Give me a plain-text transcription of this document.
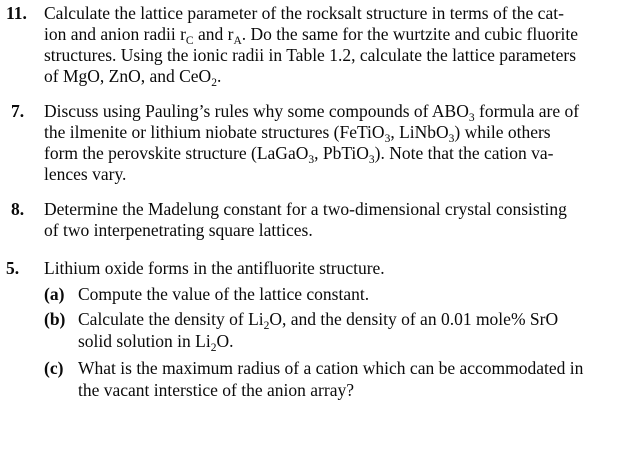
11. Calculate the lattice parameter of the rocksalt structure in terms of the cat-
ion and anion radii $r_C$ and $r_A$. Do the same for the wurtzite and cubic fluorite
structures. Using the ionic radii in Table 1.2, calculate the lattice parameters
of MgO, ZnO, and CeO$_2$.
7. Discuss using Pauling’s rules why some compounds of $ABO_3$ formula are of
the ilmenite or lithium niobate structures (FeTiO$_3$, LiNbO$_3$) while others
form the perovskite structure (LaGaO$_3$, PbTiO$_3$). Note that the cation va-
lences vary.
8. Determine the Madelung constant for a two-dimensional crystal consisting
of two interpenetrating square lattices.
5. Lithium oxide forms in the antifluorite structure.
(a) Compute the value of the lattice constant.
(b) Calculate the density of $Li_2O$, and the density of an 0.01 mole% SrO
solid solution in $Li_2O$.
(c) What is the maximum radius of a cation which can be accommodated in
the vacant interstice of the anion array?
